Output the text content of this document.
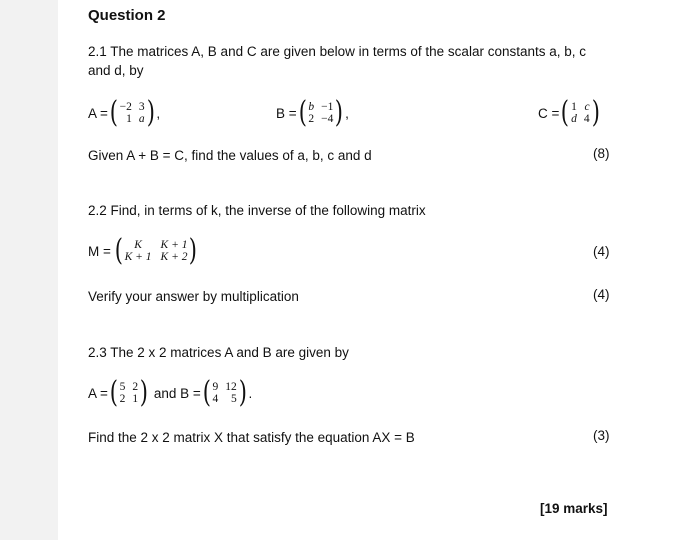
Question 2
2.1 The matrices A, B and C are given below in terms of the scalar constants a, b, c
and d, by
A = ( −2 3
1 a ) ,	B = ( b −1
2 −4 ) ,	C = ( 1 c
d 4 )
Given A + B = C, find the values of a, b, c and d	(8)
2.2 Find, in terms of k, the inverse of the following matrix
M = ( K	K + 1
K + 1 K + 2 )	(4)
Verify your answer by multiplication	(4)
2.3 The 2 x 2 matrices A and B are given by
A = ( 5 2
2 1 ) and B = ( 9 12
4	5 ) .
Find the 2 x 2 matrix X that satisfy the equation AX = B	(3)
[19 marks]
